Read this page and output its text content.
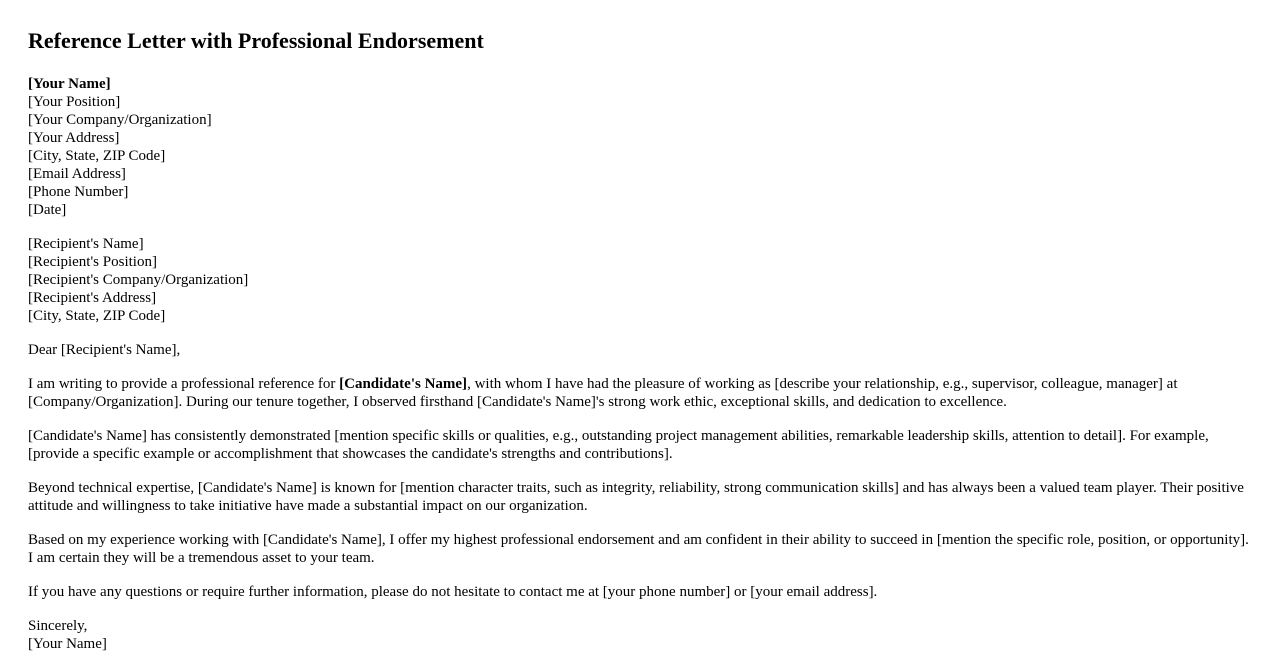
Reference Letter with Professional Endorsement
[Your Name]
[Your Position]
[Your Company/Organization]
[Your Address]
[City, State, ZIP Code]
[Email Address]
[Phone Number]
[Date]
[Recipient's Name]
[Recipient's Position]
[Recipient's Company/Organization]
[Recipient's Address]
[City, State, ZIP Code]

Dear [Recipient's Name],

I am writing to provide a professional reference for [Candidate's Name], with whom I have had the pleasure of working as [describe your relationship, e.g., supervisor, colleague, manager] at [Company/Organization]. During our tenure together, I observed firsthand [Candidate's Name]'s strong work ethic, exceptional skills, and dedication to excellence.

[Candidate's Name] has consistently demonstrated [mention specific skills or qualities, e.g., outstanding project management abilities, remarkable leadership skills, attention to detail]. For example, [provide a specific example or accomplishment that showcases the candidate's strengths and contributions].

Beyond technical expertise, [Candidate's Name] is known for [mention character traits, such as integrity, reliability, strong communication skills] and has always been a valued team player. Their positive attitude and willingness to take initiative have made a substantial impact on our organization.

Based on my experience working with [Candidate's Name], I offer my highest professional endorsement and am confident in their ability to succeed in [mention the specific role, position, or opportunity]. I am certain they will be a tremendous asset to your team.

If you have any questions or require further information, please do not hesitate to contact me at [your phone number] or [your email address].

Sincerely,
[Your Name]
